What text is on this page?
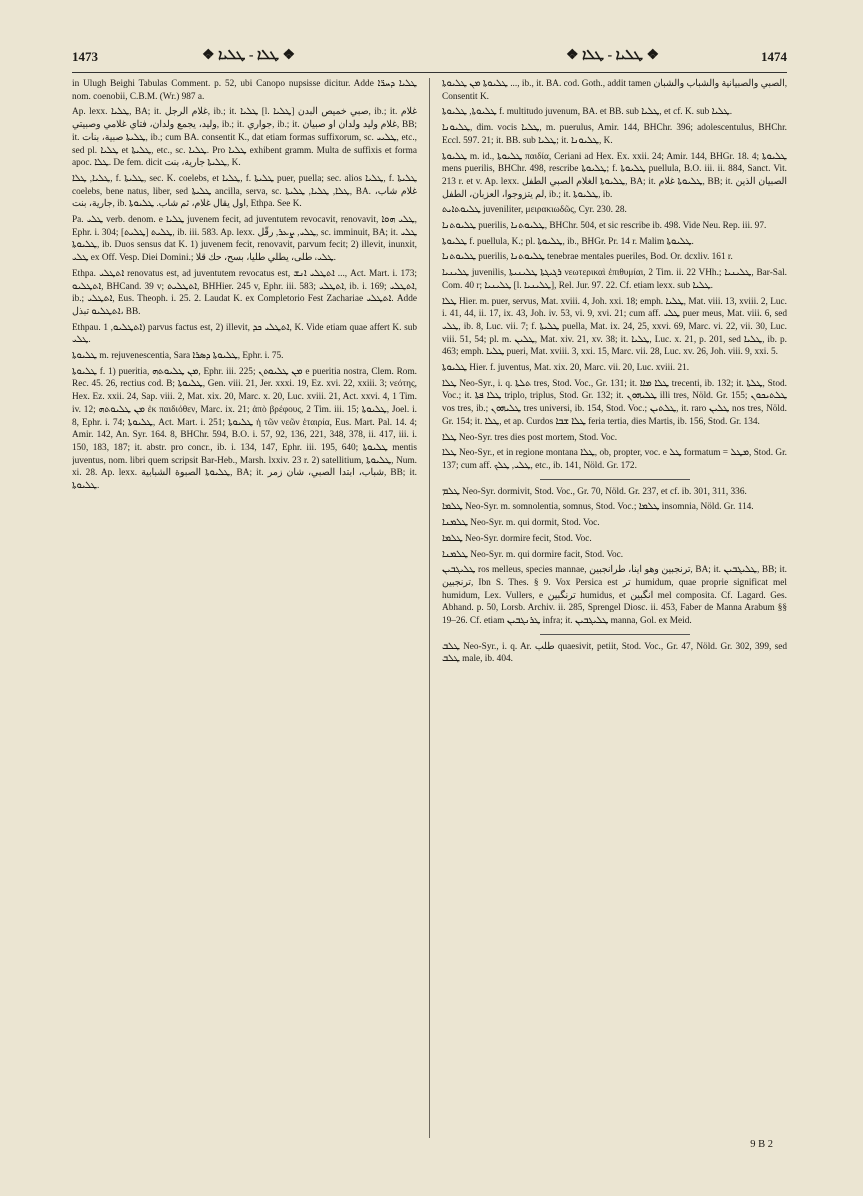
1473	❖ ܛܠܐ - ܛܠܝܐ ❖	❖ ܛܠܝܐ - ܛܠܐ ❖	1474

in Ulugh Beighi Tabulas Comment. p. 52, ubi Canopo nupsisse dicitur. Adde ܛܠܝܐ ܕܚܪ̈ܐ nom. coenobii, C.B.M. (Wr.) 987 a.

Ap. lexx. ܛܠܝܐ, BA; it. غلام الرجل, ib.; it. ܛܠܝܐ [l. ܛܠܝܐ] صبي خميص البدن, ib.; it. غلام وليد، يجمع ولدان، فتاي غلامي وصبيتي, ib.; it. جواري, ib.; it. غلام وليد ولدان او صبيان, BB; it. ܛܠܝܬܐ صبية، بنات, ib.; cum BA. consentit K., dat etiam formas suffixorum, sc. ܛܠܝܝ, etc., sed pl. ܛܠܝܐ et ܛܠܝܬܐ, etc., sc. ܛܠܝܐ. Pro ܛܠܝܐ exhibent gramm. Multa de suffixis et forma apoc. ܛܠܐ. De fem. dicit ܛܠܝܬܐ جارية، بنت, K.

ܛܠܝܐ, ܛܠܐ, f. ܛܠܝܬܐ, sec. K. coelebs, et ܛܠܝܐ, f. ܛܠܝܬܐ puer, puella; sec. alios ܛܠܝܐ, f. ܛܠܝܬܐ coelebs, bene natus, liber, sed ܛܠܝܬܐ ancilla, serva, sc. ܛܠܐ, ܛܠܝܐ, ܛܠܝܬܐ, BA. غلام شاب، جارية، بنت, ib. اول يقال غلام، ثم شاب. ܛܠܝܘܬܐ, Ethpa. See K.

Pa. ܛܠܝ verb. denom. e ܛܠܝܐ juvenem fecit, ad juventutem revocavit, renovavit, ܛܠܝ ܗܘܐ, Ephr. i. 304; ܛܠܝܬ [ܛܠܝܬ], ib. iii. 583. Ap. lexx. ܛܠܝ, ܨܥܪ, رقّل, sc. imminuit, BA; it. ܛܠܝ ܛܠܝܘܬܐ, ib. Duos sensus dat K. 1) juvenem fecit, renovavit, parvum fecit; 2) illevit, inunxit, ܛܠܝ ex Off. Vesp. Diei Domini.; ܛܠܝ، طلى، يطلي طليا، بسح، حك قلا.

Ethpa. ܐܬܛܠܝ renovatus est, ad juventutem revocatus est, ܐܬܛܠܝ ܐܢܫ ..., Act. Mart. i. 173; ܐܬܛܠܝܘ, BHCand. 39 v; ܐܬܛܠܝܬ, BHHier. 245 v, Ephr. iii. 583; ܐܬܛܠܝ, ib. i. 169; ܐܬܛܠܝ, ib.; ܐܬܛܠܝ, Eus. Theoph. i. 25. 2. Laudat K. ex Completorio Fest Zachariae ܐܬܛܠܝ. Adde ܐܬܛܠܝܘ تبذل، BB.

Ethpau. ܐܬܛܠܝܘ, 1) parvus factus est, 2) illevit, ܐܬܛܠܝ ܟܕ, K. Vide etiam quae affert K. sub ܛܠܝ.

ܛܠܝܘܬܐ m. rejuvenescentia, Sara ܛܠܝܘܬܐ ܕܣܪܐ, Ephr. i. 75.

ܛܠܝܘܬܐ f. 1) pueritia, ܡܢ ܛܠܝܘܬܗ, Ephr. iii. 225; ܡܢ ܛܠܝܘܬܢ e pueritia nostra, Clem. Rom. Rec. 45. 26, rectius cod. B; ܛܠܝܘܬܐ, Gen. viii. 21, Jer. xxxi. 19, Ez. xvi. 22, xxiii. 3; νεότης, Hex. Ez. xxii. 24, Sap. viii. 2, Mat. xix. 20, Marc. x. 20, Luc. xviii. 21, Act. xxvi. 4, 1 Tim. iv. 12; ܡܢ ܛܠܝܘܬܗ ἐκ παιδιόθεν, Marc. ix. 21; ἀπὸ βρέφους, 2 Tim. iii. 15; ܛܠܝܘܬܐ, Joel. i. 8, Ephr. i. 74; ܛܠܝܘܬܐ, Act. Mart. i. 251; ܛܠܝܘܬܐ ἡ τῶν νεῶν ἑταιρία, Eus. Mart. Pal. 14. 4; Amir. 142, An. Syr. 164. 8, BHChr. 594, B.O. i. 57, 92, 136, 221, 348, 378, ii. 417, iii. i. 150, 183, 187; it. abstr. pro concr., ib. i. 134, 147, Ephr. iii. 195, 640; ܛܠܝܘܬܐ mentis juventus, nom. libri quem scripsit Bar-Heb., Marsh. lxxiv. 23 r. 2) satellitium, ܛܠܝܘܬܐ, Num. xi. 28. Ap. lexx. ܛܠܝܘܬܐ الصبوة الشبابية, BA; it. شباب، ابتدا الصبي، شان زمر, BB; it. ܛܠܝܘܬܐ.

ܛܠܝܘܬܐ ܡܢ ܛܠܝܘܬܐ ..., ib., it. BA. cod. Goth., addit tamen الصبي والصبيانية والشباب والشبان, Consentit K.

ܛܠܝܘܬܐ, ܛܠܝܘܬܐ f. multitudo juvenum, BA. et BB. sub ܛܠܝܐ, et cf. K. sub ܛܠܝܐ.

ܛܠܝܘܢܐ, dim. vocis ܛܠܝܐ, m. puerulus, Amir. 144, BHChr. 396; adolescentulus, BHChr. Eccl. 597. 21; it. BB. sub ܛܠܝܐ; it. ܛܠܝܘܢܐ, K.

ܛܠܝܘܬܐ m. id., ܛܠܝܘܬܐ παιδία, Ceriani ad Hex. Ex. xxii. 24; Amir. 144, BHGr. 18. 4; ܛܠܝܘܬܐ mens puerilis, BHChr. 498, rescribe ܛܠܝܘܬܐ; f. ܛܠܝܘܬܐ puellula, B.O. iii. ii. 884, Sanct. Vit. 213 r. et v. Ap. lexx. ܛܠܝܘܬܐ الغلام الصبي الطفل, BA; it. ܛܠܝܘܬܐ غلام, BB; it. الصبيان الذين لم يتزوجوا، العزبان، الطفل, ib.; it. ܛܠܝܘܬܐ, ib.

ܛܠܝܘܬܐܝܬ juveniliter, μειρακιωδῶς, Cyr. 230. 28.

ܛܠܝܘܬܢܐ puerilis, ܛܠܝܘܬܢܐ, BHChr. 504, et sic rescribe ib. 498. Vide Neu. Rep. iii. 97.

ܛܠܝܘܬܐ f. puellula, K.; pl. ܛܠܝܘܬܐ, ib., BHGr. Pr. 14 r. Malim ܛܠܝܘܬܐ.

ܛܠܝܘܬܢܐ puerilis, ܛܠܝܘܬܢܐ tenebrae mentales pueriles, Bod. Or. dcxliv. 161 r.

ܛܠܝܢܝܐ juvenilis, ܪܓܝܓܬܐ ܛܠܝܢܝܬܐ νεωτερικαὶ ἐπιθυμίαι, 2 Tim. ii. 22 VHh.; ܛܠܝܢܝܐ, Bar-Sal. Com. 40 r; ܛܠܝܢܝܐ [l. ܛܠܝܢܝܐ], Rel. Jur. 97. 22. Cf. etiam lexx. sub ܛܠܝܐ.

ܛܠܐ Hier. m. puer, servus, Mat. xviii. 4, Joh. xxi. 18; emph. ܛܠܝܐ, Mat. viii. 13, xviii. 2, Luc. i. 41, 44, ii. 17, ix. 43, Joh. iv. 53, vi. 9, xvi. 21; cum aff. ܛܠܝ puer meus, Mat. viii. 6, sed ܛܠܝ, ib. 8, Luc. vii. 7; f. ܛܠܝܬܐ puella, Mat. ix. 24, 25, xxvi. 69, Marc. vi. 22, vii. 30, Luc. viii. 51, 54; pl. m. ܛܠܝܢ, Mat. xiv. 21, xv. 38; it. ܛܠܝܐ, Luc. x. 21, p. 201, sed ܛܠܝܐ, ib. p. 463; emph. ܛܠܝܐ pueri, Mat. xviii. 3, xxi. 15, Marc. vii. 28, Luc. xv. 26, Joh. viii. 9, xxi. 5.

ܛܠܝܘܬܐ Hier. f. juventus, Mat. xix. 20, Marc. vii. 20, Luc. xviii. 21.

ܛܠܐ Neo-Syr., i. q. ܬܠܬܐ tres, Stod. Voc., Gr. 131; it. ܛܠܐ ܡܐܐ trecenti, ib. 132; it. ܛܠܬܐ, Stod. Voc.; it. ܛܠܐ ܦܬܐ triplo, triplus, Stod. Gr. 132; it. ܛܠܝܗܘܢ illi tres, Nöld. Gr. 155; ܛܠܬܝܟܘܢ vos tres, ib.; ܛܠܝܗܘܢ tres universi, ib. 154, Stod. Voc.; ܛܠܬܝܢ, it. raro ܛܠܝܢ nos tres, Nöld. Gr. 154; it. ܛܠܐ, et ap. Curdos ܛܠܐ ܫܒܐ feria tertia, dies Martis, ib. 156, Stod. Gr. 134.

ܛܠܐ Neo-Syr. tres dies post mortem, Stod. Voc.

ܛܠܐ Neo-Syr., et in regione montana ܛܠܐ, ob, propter, voc. e ܛܠ formatum = ܡܛܠ, Stod. Gr. 137; cum aff. ܛܠܝ, ܛܠܟ, etc., ib. 141, Nöld. Gr. 172.

ܛܠܡ Neo-Syr. dormivit, Stod. Voc., Gr. 70, Nöld. Gr. 237, et cf. ib. 301, 311, 336.

ܛܠܡܐ Neo-Syr. m. somnolentia, somnus, Stod. Voc.; ܛܠܡܐ insomnia, Nöld. Gr. 114.

ܛܠܡܢܐ Neo-Syr. m. qui dormit, Stod. Voc.

ܛܠܡܐ Neo-Syr. dormire fecit, Stod. Voc.

ܛܠܡܢܐ Neo-Syr. m. qui dormire facit, Stod. Voc.

ܛܠܝܓܒܝܢ ros melleus, species mannae, ترنجبين وهو اينا، طرانجبين, BA; it. ܛܠܝܓܒܝܢ, BB; it. ترنجبين, Ibn S. Thes. § 9. Vox Persica est تر humidum, quae proprie significat mel humidum, Lex. Vullers, e ترنگبين humidus, et انگبين mel composita. Cf. Lagard. Ges. Abhand. p. 50, Lorsb. Archiv. ii. 285, Sprengel Diosc. ii. 453, Faber de Manna Arabum §§ 19–26. Cf. etiam ܛܪܢܓܒܝܢ infra; it. ܛܠܝܓܒܝܢ manna, Gol. ex Meid.

ܛܠܒ Neo-Syr., i. q. Ar. طلب quaesivit, petiit, Stod. Voc., Gr. 47, Nöld. Gr. 302, 399, sed ܛܠܒ male, ib. 404.

9 B 2
